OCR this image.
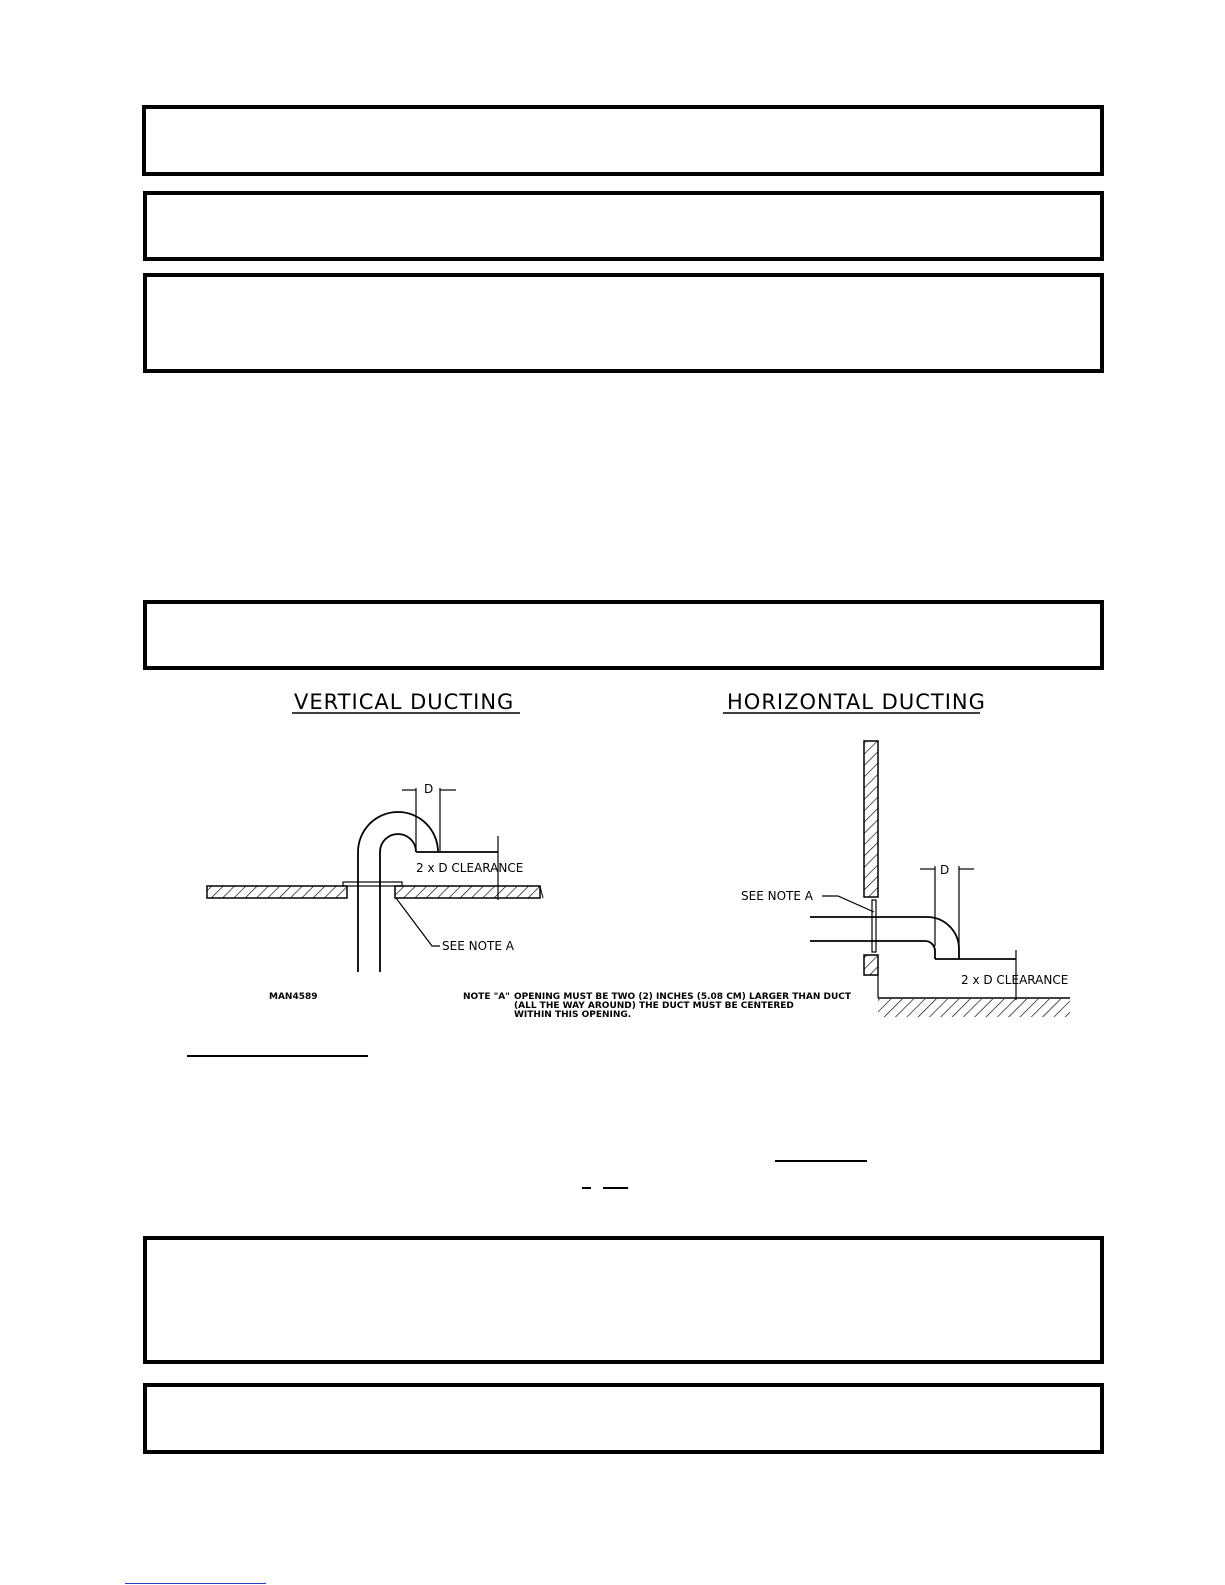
VERTICAL DUCTING
D
2 x D CLEARANCE
SEE NOTE A
MAN4589	NOTE "A" OPENING MUST BE TWO (2) INCHES (5.08 CM) LARGER THAN DUCT
(ALL THE WAY AROUND) THE DUCT MUST BE CENTERED
WITHIN THIS OPENING.
HORIZONTAL DUCTING
D
2 x D CLEARANCE
SEE NOTE A
